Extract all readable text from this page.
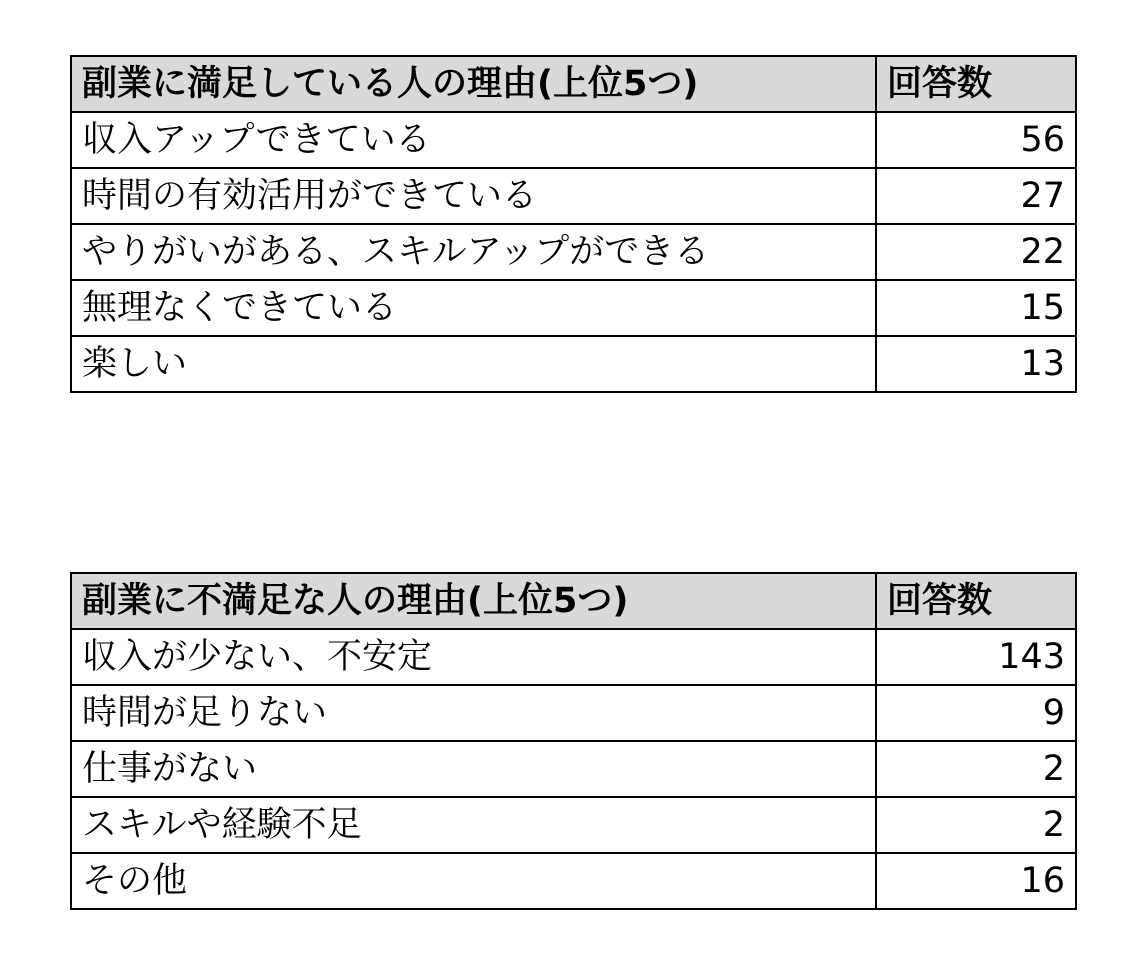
副業に満足している人の理由(上位5つ)	回答数
収入アップできている	56
時間の有効活用ができている	27
やりがいがある、スキルアップができる	22
無理なくできている	15
楽しい	13
副業に不満足な人の理由(上位5つ)	回答数
収入が少ない、不安定	143
時間が足りない	9
仕事がない	2
スキルや経験不足	2
その他	16
